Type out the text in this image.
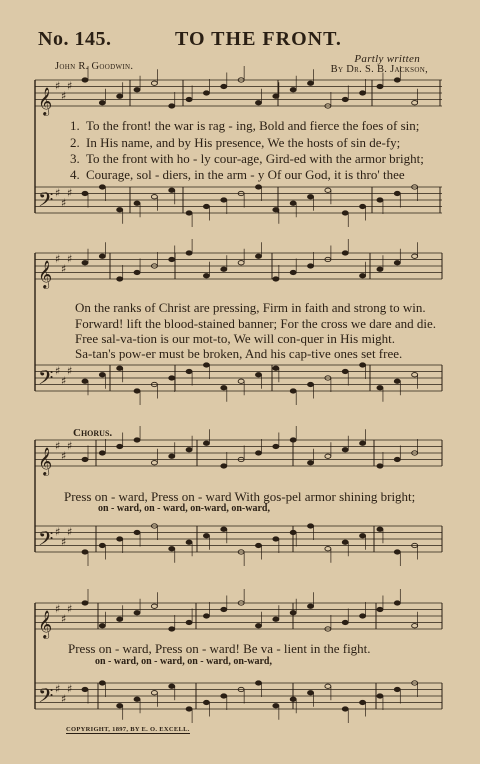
No. 145.	TO THE FRONT.
John R. Goodwin.
Partly written
By Dr. S. B. Jackson,
𝄞
♯
♯
♯
𝄢 ♯
♯
♯
𝄞
♯
♯
♯
𝄢 ♯
♯
♯
𝄞
♯
♯
♯
𝄢 ♯
♯
♯
𝄞
♯
♯
♯
𝄢 ♯
♯
♯
1. To the front! the war is rag - ing, Bold and fierce the foes of sin;
2. In His name, and by His presence, We the hosts of sin de-fy;
3. To the front with ho - ly cour-age, Gird-ed with the armor bright;
4. Courage, sol - diers, in the arm - y Of our God, it is thro' thee
On the ranks of Christ are pressing, Firm in faith and strong to win.
Forward! lift the blood-stained banner; For the cross we dare and die.
Free sal-va-tion is our mot-to, We will con-quer in His might.
Sa-tan's pow-er must be broken, And his cap-tive ones set free.
Chorus.
Press on - ward, Press on - ward With gos-pel armor shining bright;
on - ward, on - ward, on-ward, on-ward,
Press on - ward, Press on - ward! Be va - lient in the fight.
on - ward, on - ward, on - ward, on-ward,
COPYRIGHT, 1897, BY E. O. EXCELL.
